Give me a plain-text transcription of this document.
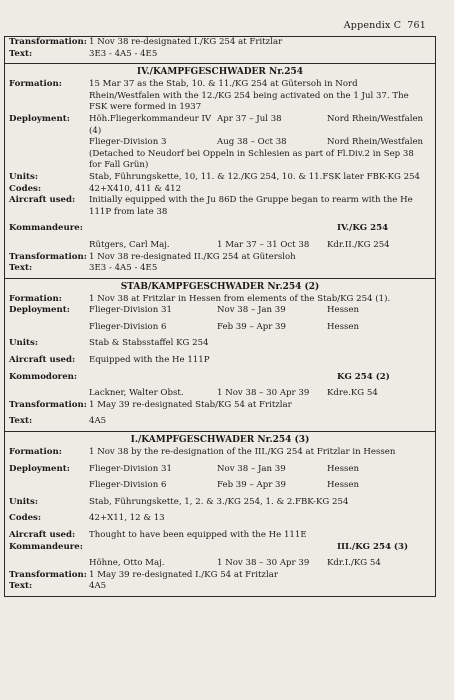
Appendix C 761
Transformation: 1 Nov 38 re-designated I./KG 254 at Fritzlar
Text:	3E3 - 4A5 - 4E5
IV./KAMPFGESCHWADER Nr.254
Formation:	15 Mar 37 as the Stab, 10. & 11./KG 254 at Gütersoh in Nord Rhein/Westfalen with the 12./KG 254 being activated on the 1 Jul 37. The FSK were formed in 1937
Deployment:	Höh.Fliegerkommandeur IV (4)
Apr 37 – Jul 38	Nord Rhein/Westfalen
Flieger-Division 3	Aug 38 – Oct 38	Nord Rhein/Westfalen
(Detached to Neudorf bei Oppeln in Schlesien as part of Fl.Div.2 in Sep 38 for Fall Grün)
Units:	Stab, Führungskette, 10, 11. & 12./KG 254, 10. & 11.FSK later FBK-KG 254
Codes:	42+X410, 411 & 412
Aircraft used:	Initially equipped with the Ju 86D the Gruppe began to rearm with the He 111P from late 38
Kommandeure:	IV./KG 254
Rütgers, Carl Maj.	1 Mar 37 – 31 Oct 38	Kdr.II./KG 254
Transformation: 1 Nov 38 re-designated II./KG 254 at Gütersloh
Text:	3E3 - 4A5 - 4E5
STAB/KAMPFGESCHWADER Nr.254 (2)
Formation:	1 Nov 38 at Fritzlar in Hessen from elements of the Stab/KG 254 (1).
Deployment:	Flieger-Division 31	Nov 38 – Jan 39	Hessen
Flieger-Division 6	Feb 39 – Apr 39	Hessen
Units:	Stab & Stabsstaffel KG 254
Aircraft used:	Equipped with the He 111P
Kommodoren:	KG 254 (2)
Lackner, Walter Obst.	1 Nov 38 – 30 Apr 39	Kdre.KG 54
Transformation: 1 May 39 re-designated Stab/KG 54 at Fritzlar
Text:	4A5
I./KAMPFGESCHWADER Nr.254 (3)
Formation:	1 Nov 38 by the re-designation of the III./KG 254 at Fritzlar in Hessen
Deployment:	Flieger-Division 31	Nov 38 – Jan 39	Hessen
Flieger-Division 6	Feb 39 – Apr 39	Hessen
Units:	Stab, Führungskette, 1, 2. & 3./KG 254, 1. & 2.FBK-KG 254
Codes:	42+X11, 12 & 13
Aircraft used:	Thought to have been equipped with the He 111E
Kommandeure:	III./KG 254 (3)
Höhne, Otto Maj.	1 Nov 38 – 30 Apr 39	Kdr.I./KG 54
Transformation: 1 May 39 re-designated I./KG 54 at Fritzlar
Text:	4A5
